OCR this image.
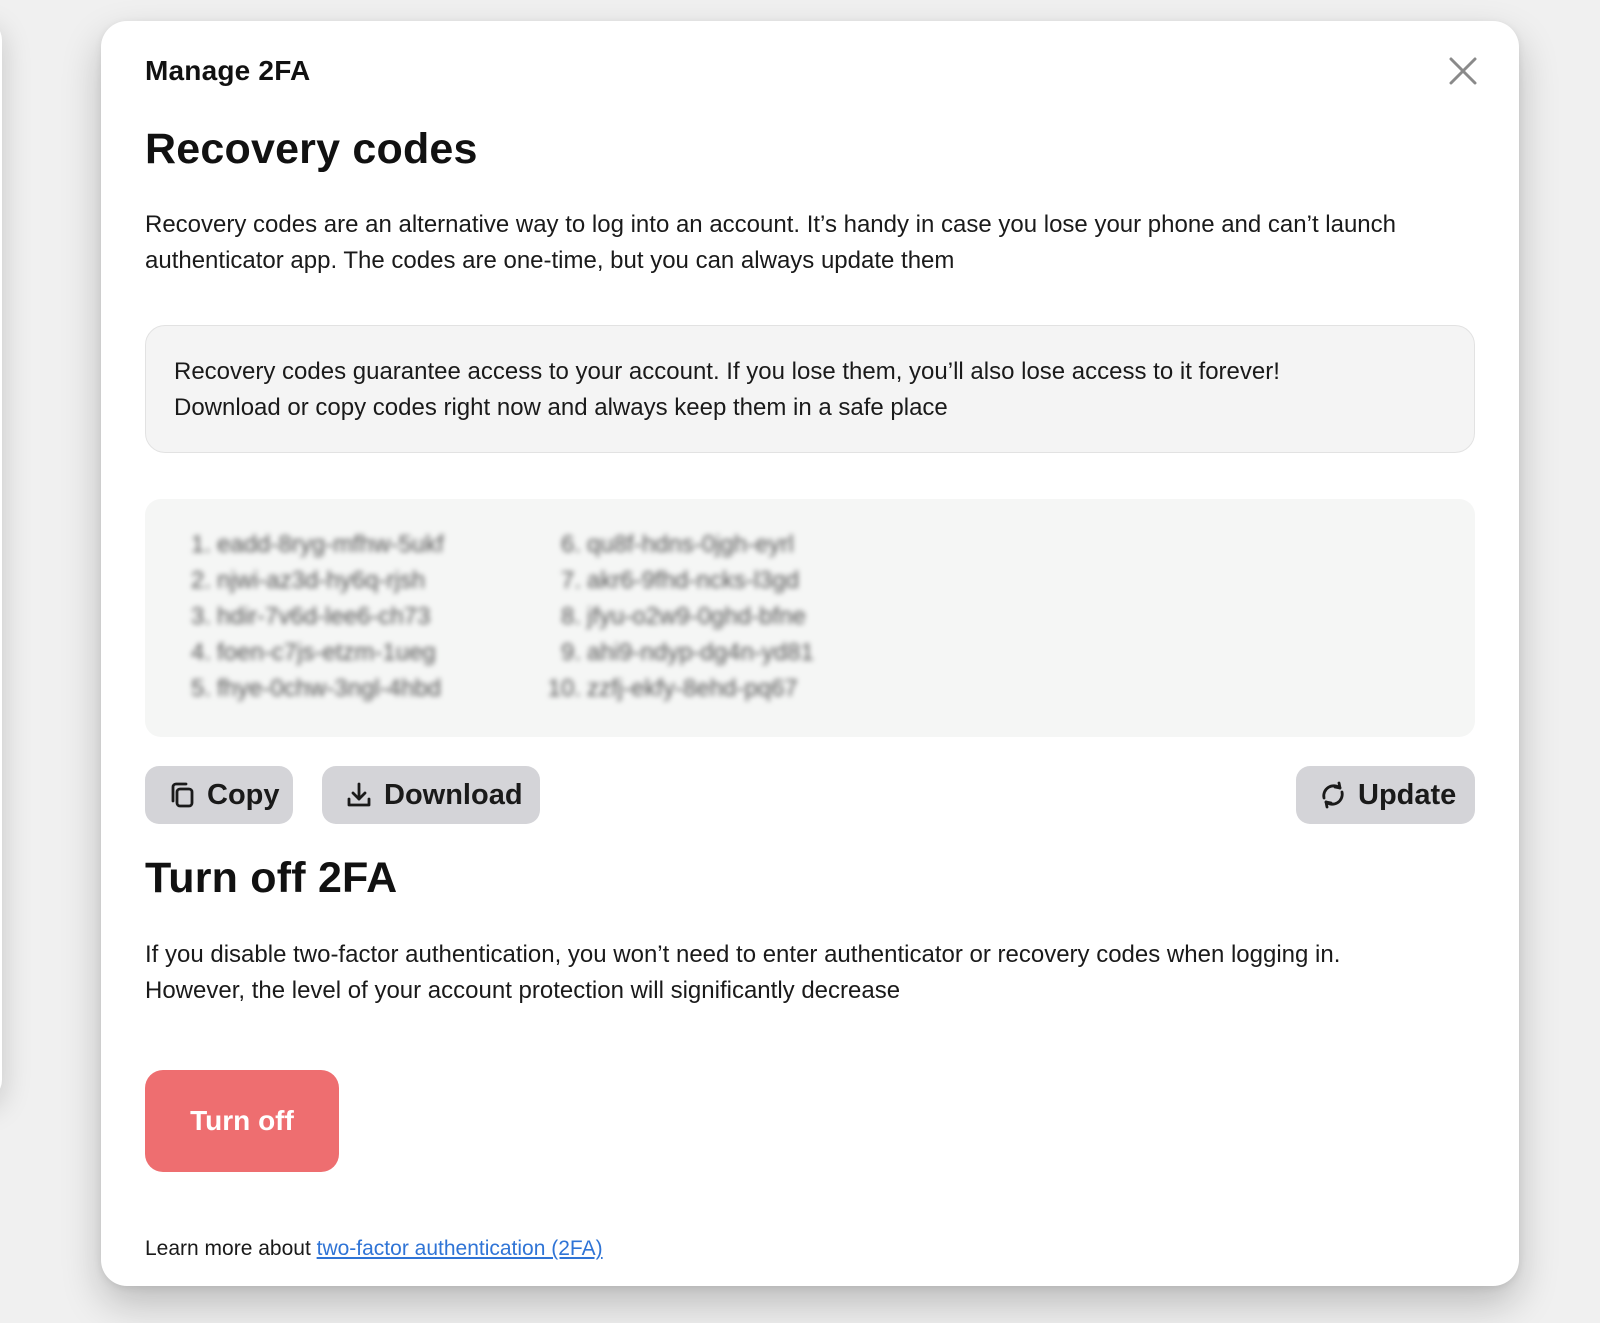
Manage 2FA
Recovery codes

Recovery codes are an alternative way to log into an account. It’s handy in case you lose your phone and can’t launch authenticator app. The codes are one-time, but you can always update them

Recovery codes guarantee access to your account. If you lose them, you’ll also lose access to it forever!
Download or copy codes right now and always keep them in a safe place
1. eadd-8ryg-mfhw-5ukf
2. njwi-az3d-hy6q-rjsh
3. hdir-7v6d-lee6-ch73
4. foen-c7js-etzm-1ueg
5. fhye-0chw-3ngl-4hbd
6. qu8f-hdns-0jgh-eyrl
7. akr6-9fhd-ncks-l3gd
8. jfyu-o2w9-0ghd-bfne
9. ahi9-ndyp-dg4n-yd81
10. zzfj-ekfy-8ehd-pq67
Copy	Download	Update
Turn off 2FA
If you disable two-factor authentication, you won’t need to enter authenticator or recovery codes when logging in.
However, the level of your account protection will significantly decrease
Turn off
Learn more about two-factor authentication (2FA)
